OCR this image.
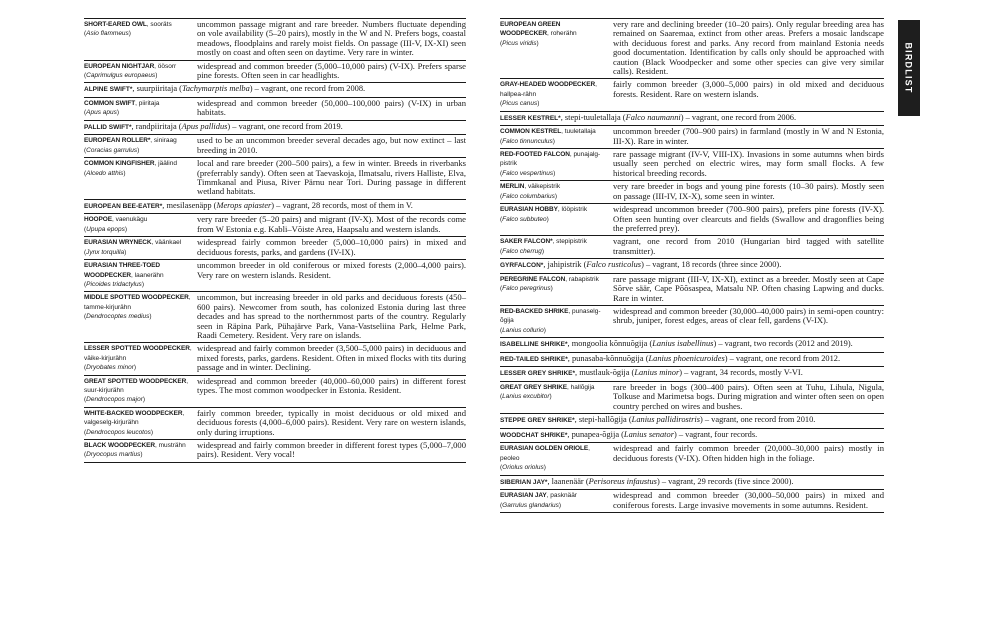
SHORT-EARED OWL, sooräts
(Asio flammeus)
uncommon passage migrant and rare breeder. Numbers fluctuate depending on vole availability (5–20 pairs), mostly in the W and N. Prefers bogs, coastal meadows, floodplains and rarely moist fields. On passage (III-V, IX-XI) seen mostly on coast and often seen on daytime. Very rare in winter.
EUROPEAN NIGHTJAR, öösorr
(Caprimulgus europaeus)
widespread and common breeder (5,000–10,000 pairs) (V-IX). Prefers sparse pine forests. Often seen in car headlights.
ALPINE SWIFT*, suurpiiritaja (Tachymarptis melba) – vagrant, one record from 2008.
COMMON SWIFT, piiritaja
(Apus apus)
widespread and common breeder (50,000–100,000 pairs) (V-IX) in urban habitats.
PALLID SWIFT*, randpiiritaja (Apus pallidus) – vagrant, one record from 2019.
EUROPEAN ROLLER*, siniraag
(Coracias garrulus)
used to be an uncommon breeder several decades ago, but now extinct – last breeding in 2010.
COMMON KINGFISHER, jäälind
(Alcedo atthis)
local and rare breeder (200–500 pairs), a few in winter. Breeds in riverbanks (preferrably sandy). Often seen at Taevaskoja, Ilmatsalu, rivers Halliste, Elva, Timmkanal and Piusa, River Pärnu near Tori. During passage in different wetland habitats.
EUROPEAN BEE-EATER*, mesilasenäpp (Merops apiaster) – vagrant, 28 records, most of them in V.
HOOPOE, vaenukägu
(Upupa epops)
very rare breeder (5–20 pairs) and migrant (IV-X). Most of the records come from W Estonia e.g. Kabli–Võiste Area, Haapsalu and western islands.
EURASIAN WRYNECK, väänkael
(Jynx torquilla)
widespread fairly common breeder (5,000–10,000 pairs) in mixed and deciduous forests, parks, and gardens (IV-IX).
EURASIAN THREE-TOED WOODPECKER, laanerähn
(Picoides tridactylus)
uncommon breeder in old coniferous or mixed forests (2,000–4,000 pairs). Very rare on western islands. Resident.
MIDDLE SPOTTED WOODPECKER, tamme-kirjurähn
(Dendrocoptes medius)
uncommon, but increasing breeder in old parks and deciduous forests (450–600 pairs). Newcomer from south, has colonized Estonia during last three decades and has spread to the northernmost parts of the country. Regularly seen in Räpina Park, Pühajärve Park, Vana-Vastseliina Park, Helme Park, Raadi Cemetery. Resident. Very rare on islands.
LESSER SPOTTED WOODPECKER, väike-kirjurähn
(Dryobates minor)
widespread and fairly common breeder (3,500–5,000 pairs) in deciduous and mixed forests, parks, gardens. Resident. Often in mixed flocks with tits during passage and in winter. Declining.
GREAT SPOTTED WOODPECKER, suur-kirjurähn
(Dendrocopos major)
widespread and common breeder (40,000–60,000 pairs) in different forest types. The most common woodpecker in Estonia. Resident.
WHITE-BACKED WOODPECKER, valgeselg-kirjurähn
(Dendrocopos leucotos)
fairly common breeder, typically in moist deciduous or old mixed and deciduous forests (4,000–6,000 pairs). Resident. Very rare on western islands, only during irruptions.
BLACK WOODPECKER, musträhn
(Dryocopus martius)
widespread and fairly common breeder in different forest types (5,000–7,000 pairs). Resident. Very vocal!
EUROPEAN GREEN WOODPECKER, roherähn
(Picus viridis)
very rare and declining breeder (10–20 pairs). Only regular breeding area has remained on Saaremaa, extinct from other areas. Prefers a mosaic landscape with deciduous forest and parks. Any record from mainland Estonia needs good documentation. Identification by calls only should be approached with caution (Black Woodpecker and some other species can give very similar calls). Resident.
GRAY-HEADED WOODPECKER, hallpea-rähn
(Picus canus)
fairly common breeder (3,000–5,000 pairs) in old mixed and deciduous forests. Resident. Rare on western islands.
LESSER KESTREL*, stepi-tuuletallaja (Falco naumanni) – vagrant, one record from 2006.
COMMON KESTREL, tuuletallaja
(Falco tinnunculus)
uncommon breeder (700–900 pairs) in farmland (mostly in W and N Estonia, III-X). Rare in winter.
RED-FOOTED FALCON, punajalg-pistrik
(Falco vespertinus)
rare passage migrant (IV-V, VIII-IX). Invasions in some autumns when birds usually seen perched on electric wires, may form small flocks. A few historical breeding records.
MERLIN, väikepistrik
(Falco columbarius)
very rare breeder in bogs and young pine forests (10–30 pairs). Mostly seen on passage (III-IV, IX-X), some seen in winter.
EURASIAN HOBBY, lööpistrik
(Falco subbuteo)
widespread uncommon breeder (700–900 pairs), prefers pine forests (IV-X). Often seen hunting over clearcuts and fields (Swallow and dragonflies being the preferred prey).
SAKER FALCON*, stepipistrik
(Falco cherrug)
vagrant, one record from 2010 (Hungarian bird tagged with satellite transmitter).
GYRFALCON*, jahipistrik (Falco rusticolus) – vagrant, 18 records (three since 2000).
PEREGRINE FALCON, rabapistrik
(Falco peregrinus)
rare passage migrant (III-V, IX-XI), extinct as a breeder. Mostly seen at Cape Sõrve säär, Cape Põõsaspea, Matsalu NP. Often chasing Lapwing and ducks. Rare in winter.
RED-BACKED SHRIKE, punaselg-õgija
(Lanius collurio)
widespread and common breeder (30,000–40,000 pairs) in semi-open country: shrub, juniper, forest edges, areas of clear fell, gardens (V-IX).
ISABELLINE SHRIKE*, mongoolia kõnnuõgija (Lanius isabellinus) – vagrant, two records (2012 and 2019).
RED-TAILED SHRIKE*, punasaba-kõnnuõgija (Lanius phoenicuroides) – vagrant, one record from 2012.
LESSER GREY SHRIKE*, mustlauk-õgija (Lanius minor) – vagrant, 34 records, mostly V-VI.
GREAT GREY SHRIKE, hallõgija
(Lanius excubitor)
rare breeder in bogs (300–400 pairs). Often seen at Tuhu, Lihula, Nigula, Tolkuse and Marimetsa bogs. During migration and winter often seen on open country perched on wires and bushes.
STEPPE GREY SHRIKE*, stepi-hallõgija (Lanius pallidirostris) – vagrant, one record from 2010.
WOODCHAT SHRIKE*, punapea-õgija (Lanius senator) – vagrant, four records.
EURASIAN GOLDEN ORIOLE, peoleo
(Oriolus oriolus)
widespread and fairly common breeder (20,000–30,000 pairs) mostly in deciduous forests (V-IX). Often hidden high in the foliage.
SIBERIAN JAY*, laanenäär (Perisoreus infaustus) – vagrant, 29 records (five since 2000).
EURASIAN JAY, pasknäär
(Garrulus glandarius)
widespread and common breeder (30,000–50,000 pairs) in mixed and coniferous forests. Large invasive movements in some autumns. Resident.
BIRDLIST
